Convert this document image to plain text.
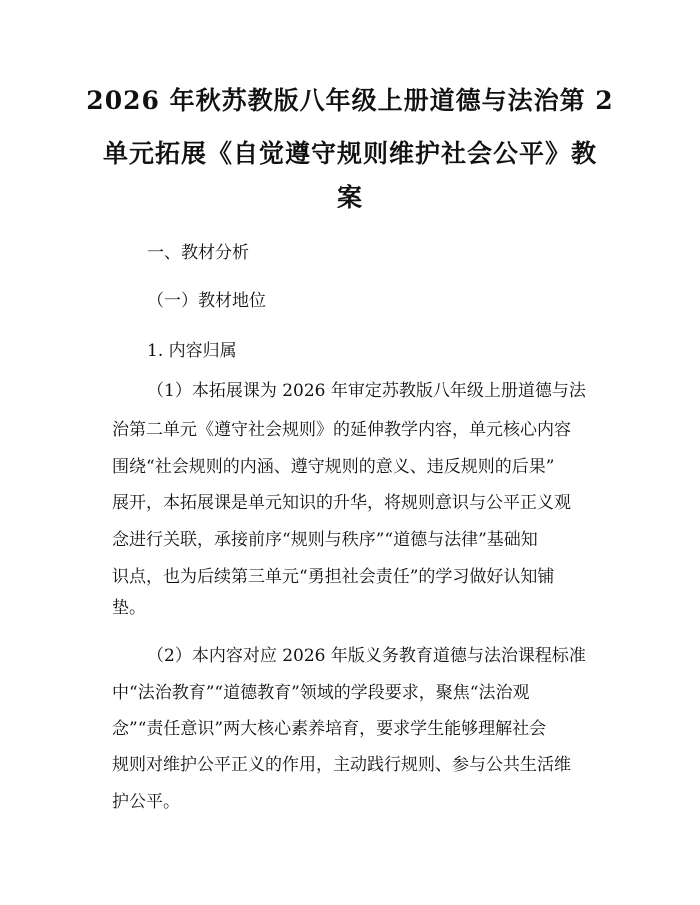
2026 年秋苏教版八年级上册道德与法治第 2
单元拓展《自觉遵守规则维护社会公平》教
案
一、教材分析
（一）教材地位
1. 内容归属
（1）本拓展课为 2026 年审定苏教版八年级上册道德与法
治第二单元《遵守社会规则》的延伸教学内容，单元核心内容
围绕“社会规则的内涵、遵守规则的意义、违反规则的后果”
展开，本拓展课是单元知识的升华，将规则意识与公平正义观
念进行关联，承接前序“规则与秩序”“道德与法律”基础知
识点，也为后续第三单元“勇担社会责任”的学习做好认知铺
垫。
（2）本内容对应 2026 年版义务教育道德与法治课程标准
中“法治教育”“道德教育”领域的学段要求，聚焦“法治观
念”“责任意识”两大核心素养培育，要求学生能够理解社会
规则对维护公平正义的作用，主动践行规则、参与公共生活维
护公平。
